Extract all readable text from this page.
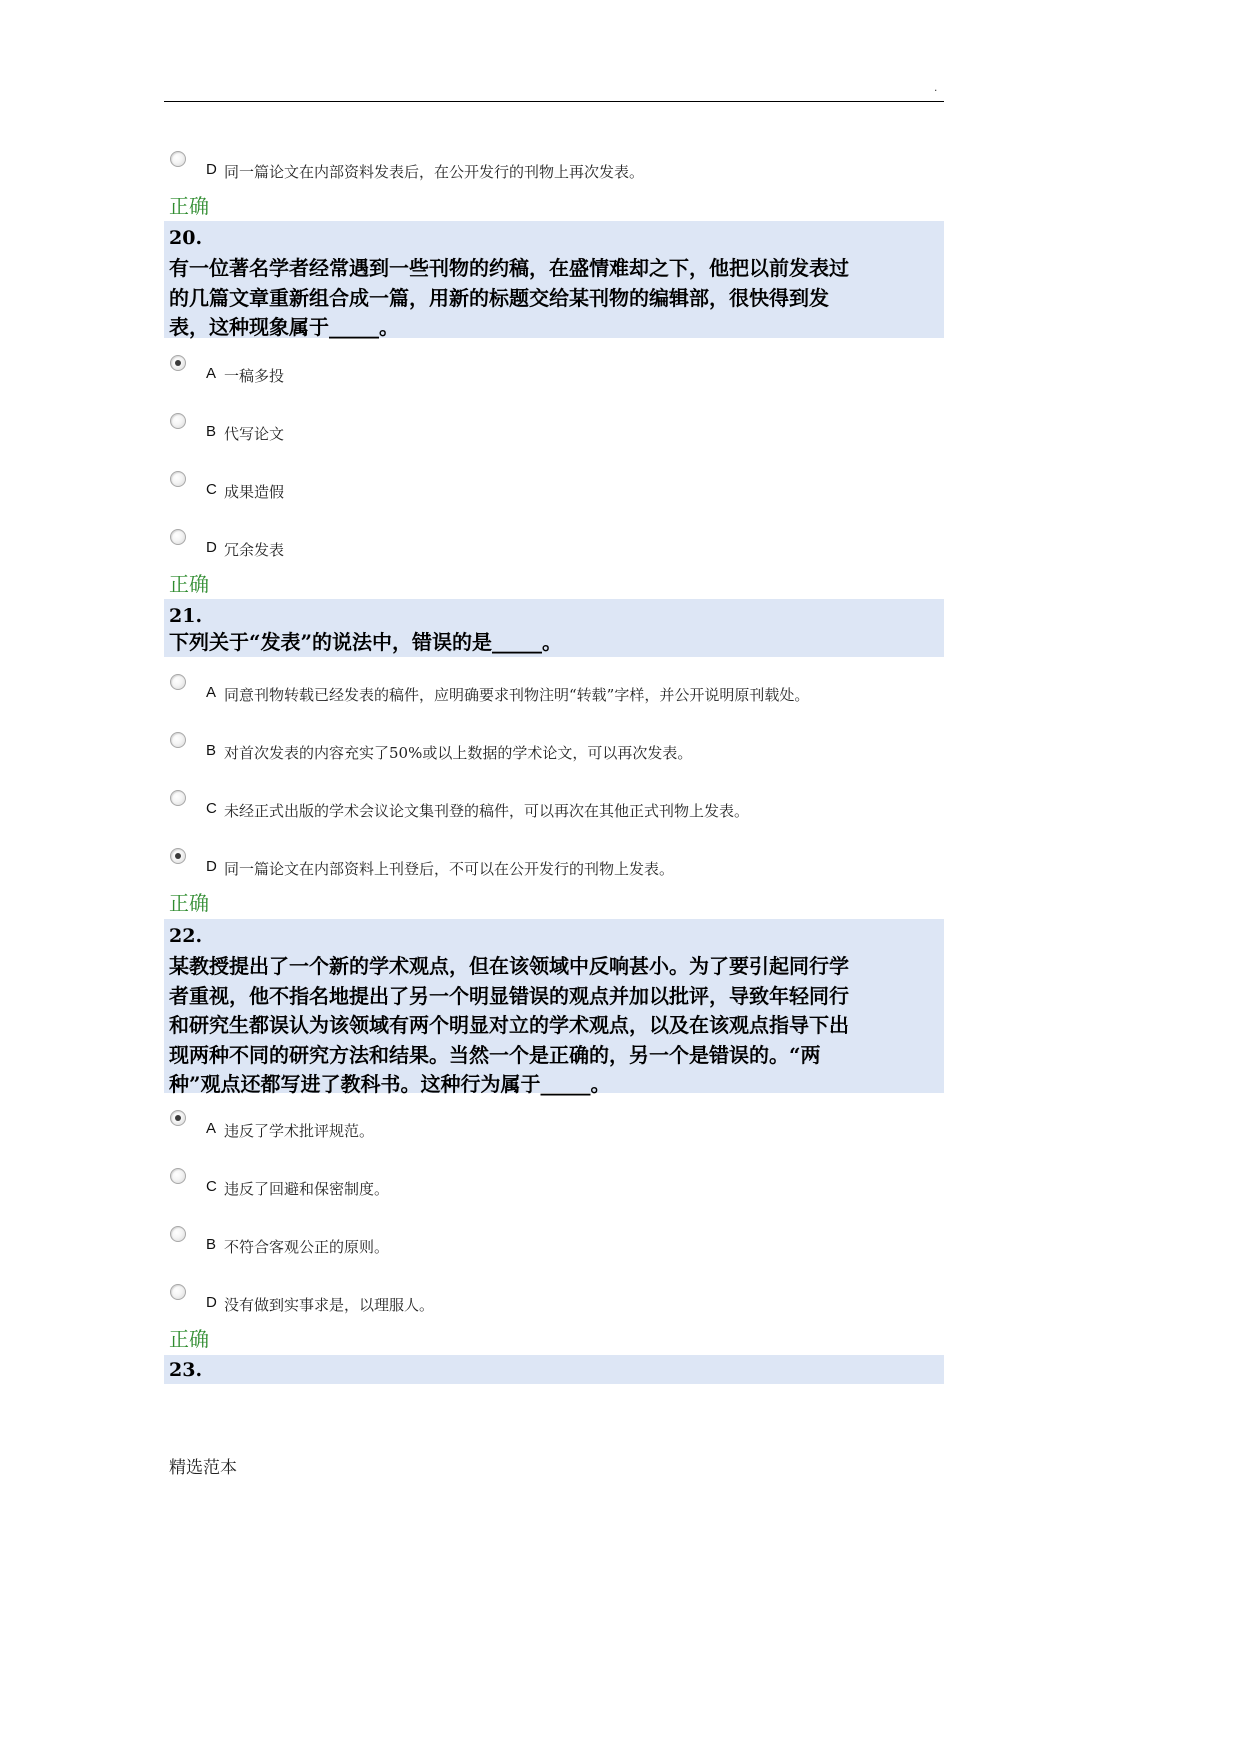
.
D 同一篇论文在内部资料发表后，在公开发行的刊物上再次发表。
正确
20.
有一位著名学者经常遇到一些刊物的约稿，在盛情难却之下，他把以前发表过
的几篇文章重新组合成一篇，用新的标题交给某刊物的编辑部，很快得到发
表，这种现象属于_____。
A 一稿多投
B 代写论文
C 成果造假
D 冗余发表
正确
21.
下列关于“发表”的说法中，错误的是_____。
A 同意刊物转载已经发表的稿件，应明确要求刊物注明“转载”字样，并公开说明原刊载处。
B 对首次发表的内容充实了50%或以上数据的学术论文，可以再次发表。
C 未经正式出版的学术会议论文集刊登的稿件，可以再次在其他正式刊物上发表。
D 同一篇论文在内部资料上刊登后，不可以在公开发行的刊物上发表。
正确
22.
某教授提出了一个新的学术观点，但在该领域中反响甚小。为了要引起同行学
者重视，他不指名地提出了另一个明显错误的观点并加以批评，导致年轻同行
和研究生都误认为该领域有两个明显对立的学术观点，以及在该观点指导下出
现两种不同的研究方法和结果。当然一个是正确的，另一个是错误的。“两
种”观点还都写进了教科书。这种行为属于_____。
A 违反了学术批评规范。
C 违反了回避和保密制度。
B 不符合客观公正的原则。
D 没有做到实事求是，以理服人。
正确
23.
精选范本
